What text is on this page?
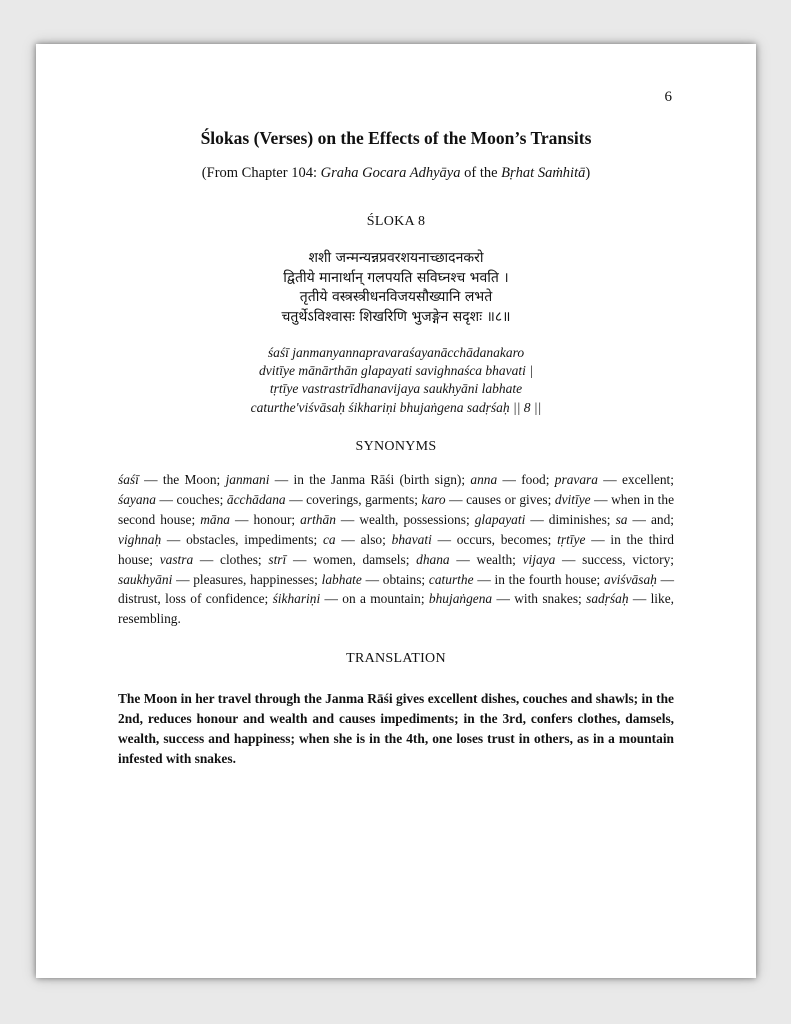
6
Ślokas (Verses) on the Effects of the Moon’s Transits
(From Chapter 104: Graha Gocara Adhyāya of the Bṛhat Saṁhitā)
ŚLOKA 8
शशी जन्मन्यन्नप्रवरशयनाच्छादनकरो
द्वितीये मानार्थान् गलपयति सविघ्नश्च भवति ।
तृतीये वस्त्रस्त्रीधनविजयसौख्यानि लभते
चतुर्थेऽविश्वासः शिखरिणि भुजङ्गेन सदृशः ॥८॥
śaśī janmanyannapravaraśayanācchādanakaro
dvitīye mānārthān glapayati savighnaśca bhavati |
tṛtīye vastrastrīdhanavijaya saukhyāni labhate
caturthe'viśvāsaḥ śikhariṇi bhujaṅgena sadṛśaḥ || 8 ||
SYNONYMS
śaśī — the Moon; janmani — in the Janma Rāśi (birth sign); anna — food; pravara — excellent; śayana — couches; ācchādana — coverings, garments; karo — causes or gives; dvitīye — when in the second house; māna — honour; arthān — wealth, possessions; glapayati — diminishes; sa — and; vighnaḥ — obstacles, impediments; ca — also; bhavati — occurs, becomes; tṛtīye — in the third house; vastra — clothes; strī — women, damsels; dhana — wealth; vijaya — success, victory; saukhyāni — pleasures, happinesses; labhate — obtains; caturthe — in the fourth house; aviśvāsaḥ — distrust, loss of confidence; śikhariṇi — on a mountain; bhujaṅgena — with snakes; sadṛśaḥ — like, resembling.
TRANSLATION
The Moon in her travel through the Janma Rāśi gives excellent dishes, couches and shawls; in the 2nd, reduces honour and wealth and causes impediments; in the 3rd, confers clothes, damsels, wealth, success and happiness; when she is in the 4th, one loses trust in others, as in a mountain infested with snakes.
